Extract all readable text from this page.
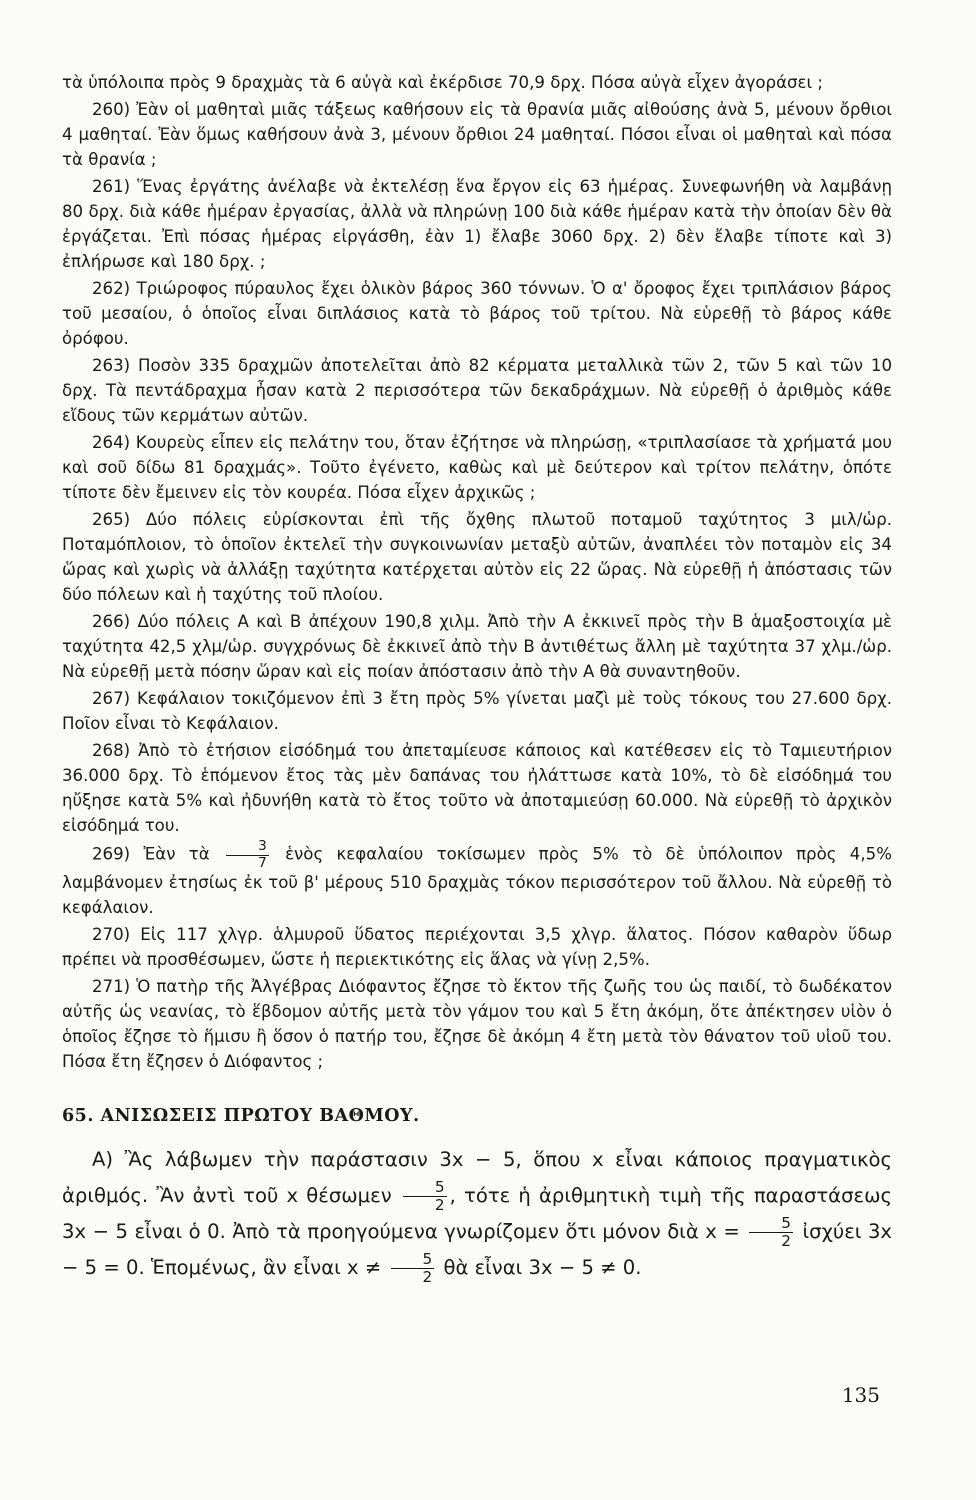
τὰ ὑπόλοιπα πρὸς 9 δραχμὰς τὰ 6 αὐγὰ καὶ ἐκέρδισε 70,9 δρχ. Πόσα αὐγὰ εἶχεν ἀγοράσει ;

260) Ἐὰν οἱ μαθηταὶ μιᾶς τάξεως καθήσουν εἰς τὰ θρανία μιᾶς αἰθούσης ἀνὰ 5, μένουν ὄρθιοι 4 μαθηταί. Ἐὰν ὅμως καθήσουν ἀνὰ 3, μένουν ὄρθιοι 24 μαθηταί. Πόσοι εἶναι οἱ μαθηταὶ καὶ πόσα τὰ θρανία ;

261) Ἕνας ἐργάτης ἀνέλαβε νὰ ἐκτελέσῃ ἕνα ἔργον εἰς 63 ἡμέρας. Συνεφωνήθη νὰ λαμβάνῃ 80 δρχ. διὰ κάθε ἡμέραν ἐργασίας, ἀλλὰ νὰ πληρώνῃ 100 διὰ κάθε ἡμέραν κατὰ τὴν ὁποίαν δὲν θὰ ἐργάζεται. Ἐπὶ πόσας ἡμέρας εἰργάσθη, ἐὰν 1) ἔλαβε 3060 δρχ. 2) δὲν ἔλαβε τίποτε καὶ 3) ἐπλήρωσε καὶ 180 δρχ. ;

262) Τριώροφος πύραυλος ἔχει ὁλικὸν βάρος 360 τόννων. Ὁ α' ὄροφος ἔχει τριπλάσιον βάρος τοῦ μεσαίου, ὁ ὁποῖος εἶναι διπλάσιος κατὰ τὸ βάρος τοῦ τρίτου. Νὰ εὑρεθῇ τὸ βάρος κάθε ὀρόφου.

263) Ποσὸν 335 δραχμῶν ἀποτελεῖται ἀπὸ 82 κέρματα μεταλλικὰ τῶν 2, τῶν 5 καὶ τῶν 10 δρχ. Τὰ πεντάδραχμα ἦσαν κατὰ 2 περισσότερα τῶν δεκαδράχμων. Νὰ εὑρεθῇ ὁ ἀριθμὸς κάθε εἴδους τῶν κερμάτων αὐτῶν.

264) Κουρεὺς εἶπεν εἰς πελάτην του, ὅταν ἐζήτησε νὰ πληρώσῃ, «τριπλασίασε τὰ χρήματά μου καὶ σοῦ δίδω 81 δραχμάς». Τοῦτο ἐγένετο, καθὼς καὶ μὲ δεύτερον καὶ τρίτον πελάτην, ὁπότε τίποτε δὲν ἔμεινεν εἰς τὸν κουρέα. Πόσα εἶχεν ἀρχικῶς ;

265) Δύο πόλεις εὑρίσκονται ἐπὶ τῆς ὄχθης πλωτοῦ ποταμοῦ ταχύτητος 3 μιλ/ὡρ. Ποταμόπλοιον, τὸ ὁποῖον ἐκτελεῖ τὴν συγκοινωνίαν μεταξὺ αὐτῶν, ἀναπλέει τὸν ποταμὸν εἰς 34 ὥρας καὶ χωρὶς νὰ ἀλλάξῃ ταχύτητα κατέρχεται αὐτὸν εἰς 22 ὥρας. Νὰ εὑρεθῇ ἡ ἀπόστασις τῶν δύο πόλεων καὶ ἡ ταχύτης τοῦ πλοίου.

266) Δύο πόλεις Α καὶ Β ἀπέχουν 190,8 χιλμ. Ἀπὸ τὴν Α ἐκκινεῖ πρὸς τὴν Β ἁμαξοστοιχία μὲ ταχύτητα 42,5 χλμ/ὡρ. συγχρόνως δὲ ἐκκινεῖ ἀπὸ τὴν Β ἀντιθέτως ἄλλη μὲ ταχύτητα 37 χλμ./ὡρ. Νὰ εὑρεθῇ μετὰ πόσην ὥραν καὶ εἰς ποίαν ἀπόστασιν ἀπὸ τὴν Α θὰ συναντηθοῦν.

267) Κεφάλαιον τοκιζόμενον ἐπὶ 3 ἔτη πρὸς 5% γίνεται μαζὶ μὲ τοὺς τόκους του 27.600 δρχ. Ποῖον εἶναι τὸ Κεφάλαιον.

268) Ἀπὸ τὸ ἐτήσιον εἰσόδημά του ἀπεταμίευσε κάποιος καὶ κατέθεσεν εἰς τὸ Ταμιευτήριον 36.000 δρχ. Τὸ ἑπόμενον ἔτος τὰς μὲν δαπάνας του ἠλάττωσε κατὰ 10%, τὸ δὲ εἰσόδημά του ηὔξησε κατὰ 5% καὶ ἠδυνήθη κατὰ τὸ ἔτος τοῦτο νὰ ἀποταμιεύσῃ 60.000. Νὰ εὑρεθῇ τὸ ἀρχικὸν εἰσόδημά του.

269) Ἐὰν τὰ $\frac{3}{7}$ ἑνὸς κεφαλαίου τοκίσωμεν πρὸς 5% τὸ δὲ ὑπόλοιπον πρὸς 4,5% λαμβάνομεν ἐτησίως ἐκ τοῦ β' μέρους 510 δραχμὰς τόκον περισσότερον τοῦ ἄλλου. Νὰ εὑρεθῇ τὸ κεφάλαιον.

270) Εἰς 117 χλγρ. ἁλμυροῦ ὕδατος περιέχονται 3,5 χλγρ. ἅλατος. Πόσον καθαρὸν ὕδωρ πρέπει νὰ προσθέσωμεν, ὥστε ἡ περιεκτικότης εἰς ἅλας νὰ γίνῃ 2,5%.

271) Ὁ πατὴρ τῆς Ἀλγέβρας Διόφαντος ἔζησε τὸ ἕκτον τῆς ζωῆς του ὡς παιδί, τὸ δωδέκατον αὐτῆς ὡς νεανίας, τὸ ἕβδομον αὐτῆς μετὰ τὸν γάμον του καὶ 5 ἔτη ἀκόμη, ὅτε ἀπέκτησεν υἱὸν ὁ ὁποῖος ἔζησε τὸ ἥμισυ ἢ ὅσον ὁ πατήρ του, ἔζησε δὲ ἀκόμη 4 ἔτη μετὰ τὸν θάνατον τοῦ υἱοῦ του. Πόσα ἔτη ἔζησεν ὁ Διόφαντος ;

65. ΑΝΙΣΩΣΕΙΣ ΠΡΩΤΟΥ ΒΑΘΜΟΥ.

Α) Ἂς λάβωμεν τὴν παράστασιν 3x − 5, ὅπου x εἶναι κάποιος πραγματικὸς ἀριθμός. Ἂν ἀντὶ τοῦ x θέσωμεν $\frac{5}{2}$ , τότε ἡ ἀριθμητικὴ τιμὴ τῆς παραστάσεως 3x − 5 εἶναι ὁ 0. Ἀπὸ τὰ προηγούμενα γνωρίζομεν ὅτι μόνον διὰ $x = \frac{5}{2}$ ἰσχύει 3x − 5 = 0. Ἑπομένως, ἂν εἶναι $x \ne \frac{5}{2}$ θὰ εἶναι 3x − 5 ≠ 0.

135
